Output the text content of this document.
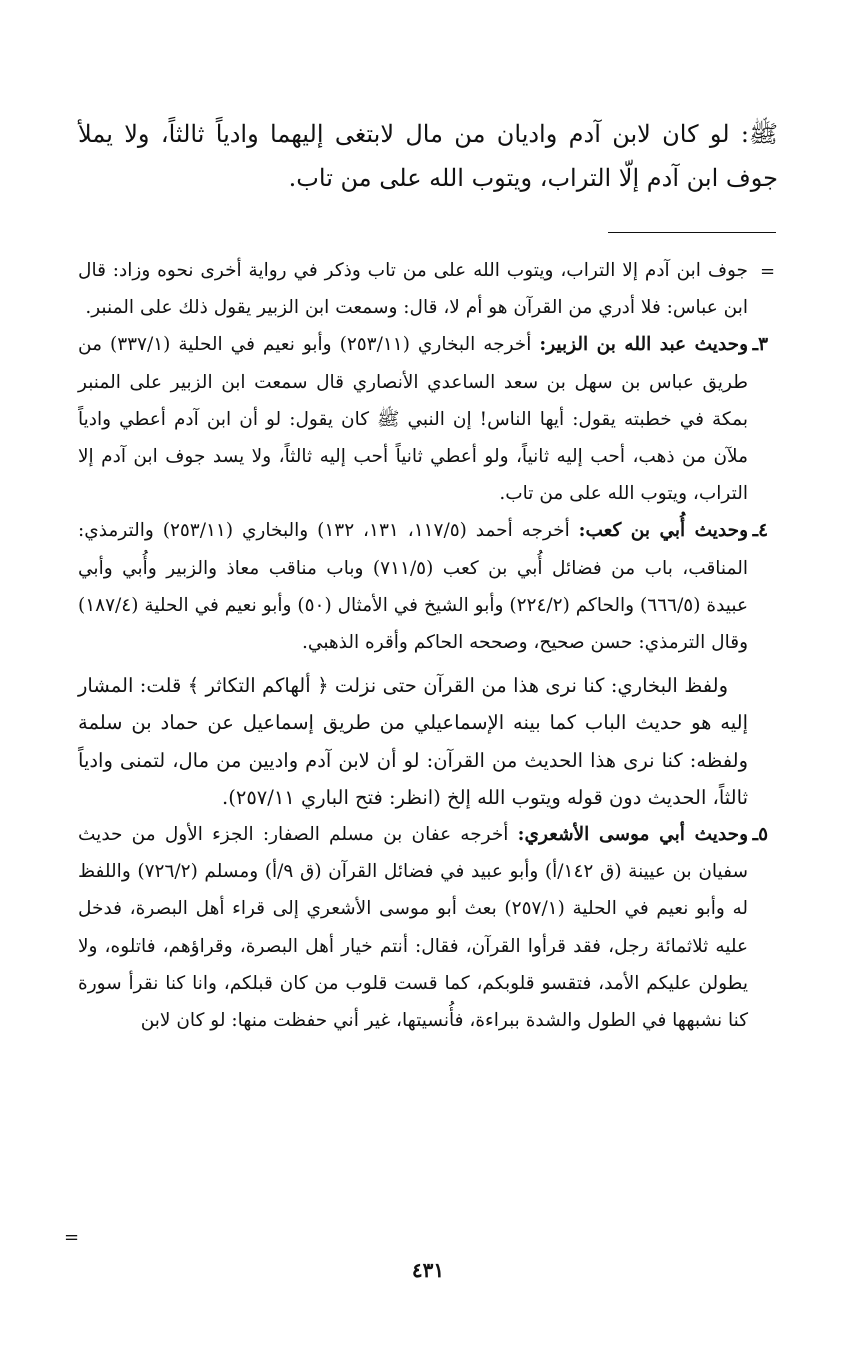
ﷺ: لو كان لابن آدم واديان من مال لابتغى إليهما وادياً ثالثاً، ولا يملأ جوف ابن آدم إلّا التراب، ويتوب الله على من تاب.
=

جوف ابن آدم إلا التراب، ويتوب الله على من تاب وذكر في رواية أخرى نحوه وزاد: قال ابن عباس: فلا أدري من القرآن هو أم لا، قال: وسمعت ابن الزبير يقول ذلك على المنبر.

٣ـ
وحديث عبد الله بن الزبير: أخرجه البخاري (٢٥٣/١١) وأبو نعيم في الحلية (٣٣٧/١) من طريق عباس بن سهل بن سعد الساعدي الأنصاري قال سمعت ابن الزبير على المنبر بمكة في خطبته يقول: أيها الناس! إن النبي ﷺ كان يقول: لو أن ابن آدم أعطي وادياً ملآن من ذهب، أحب إليه ثانياً، ولو أعطي ثانياً أحب إليه ثالثاً، ولا يسد جوف ابن آدم إلا التراب، ويتوب الله على من تاب.

٤ـ
وحديث أُبي بن كعب: أخرجه أحمد (١١٧/٥، ١٣١، ١٣٢) والبخاري (٢٥٣/١١) والترمذي: المناقب، باب من فضائل أُبي بن كعب (٧١١/٥) وباب مناقب معاذ والزبير وأُبي وأبي عبيدة (٦٦٦/٥) والحاكم (٢٢٤/٢) وأبو الشيخ في الأمثال (٥٠) وأبو نعيم في الحلية (١٨٧/٤) وقال الترمذي: حسن صحيح، وصححه الحاكم وأقره الذهبي.

ولفظ البخاري: كنا نرى هذا من القرآن حتى نزلت ﴿ ألهاكم التكاثر ﴾ قلت: المشار إليه هو حديث الباب كما بينه الإسماعيلي من طريق إسماعيل عن حماد بن سلمة ولفظه: كنا نرى هذا الحديث من القرآن: لو أن لابن آدم واديين من مال، لتمنى وادياً ثالثاً، الحديث دون قوله ويتوب الله إلخ (انظر: فتح الباري ٢٥٧/١١).

٥ـ
وحديث أبي موسى الأشعري: أخرجه عفان بن مسلم الصفار: الجزء الأول من حديث سفيان بن عيينة (ق ١٤٢/أ) وأبو عبيد في فضائل القرآن (ق ٩/أ) ومسلم (٧٢٦/٢) واللفظ له وأبو نعيم في الحلية (٢٥٧/١) بعث أبو موسى الأشعري إلى قراء أهل البصرة، فدخل عليه ثلاثمائة رجل، فقد قرأوا القرآن، فقال: أنتم خيار أهل البصرة، وقراؤهم، فاتلوه، ولا يطولن عليكم الأمد، فتقسو قلوبكم، كما قست قلوب من كان قبلكم، وانا كنا نقرأ سورة كنا نشبهها في الطول والشدة ببراءة، فأُنسيتها، غير أني حفظت منها: لو كان لابن

=
٤٣١
